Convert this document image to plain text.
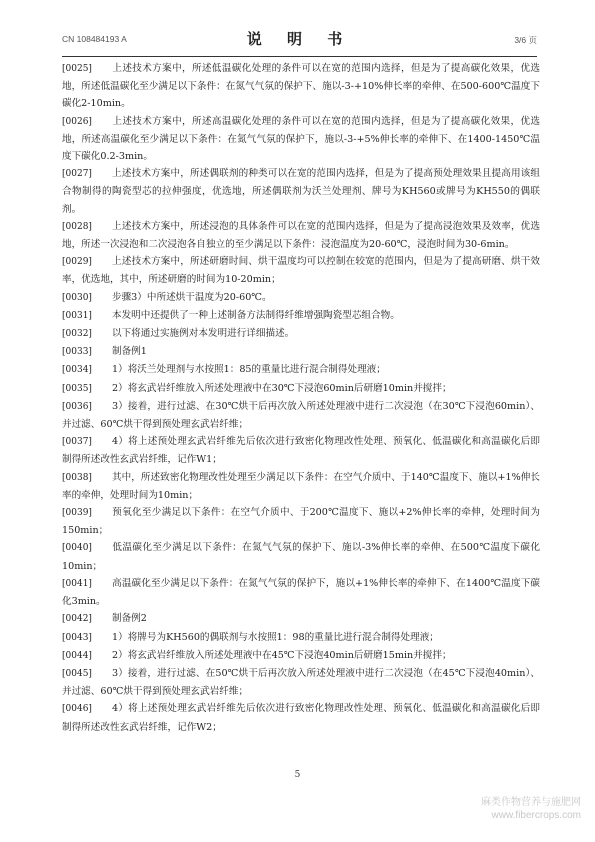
CN 108484193 A	说 明 书	3/6 页

[0025] 上述技术方案中，所述低温碳化处理的条件可以在宽的范围内选择，但是为了提高碳化效果，优选地，所述低温碳化至少满足以下条件：在氮气气氛的保护下、施以-3-+10%伸长率的牵伸、在500-600℃温度下碳化2-10min。

[0026] 上述技术方案中，所述高温碳化处理的条件可以在宽的范围内选择，但是为了提高碳化效果，优选地，所述高温碳化至少满足以下条件：在氮气气氛的保护下，施以-3-+5%伸长率的牵伸下、在1400-1450℃温度下碳化0.2-3min。

[0027] 上述技术方案中，所述偶联剂的种类可以在宽的范围内选择，但是为了提高预处理效果且提高用该组合物制得的陶瓷型芯的拉伸强度，优选地，所述偶联剂为沃兰处理剂、牌号为KH560或牌号为KH550的偶联剂。

[0028] 上述技术方案中，所述浸泡的具体条件可以在宽的范围内选择，但是为了提高浸泡效果及效率，优选地，所述一次浸泡和二次浸泡各自独立的至少满足以下条件：浸泡温度为20-60℃，浸泡时间为30-6min。

[0029] 上述技术方案中，所述研磨时间、烘干温度均可以控制在较宽的范围内，但是为了提高研磨、烘干效率，优选地，其中，所述研磨的时间为10-20min；

[0030] 步骤3）中所述烘干温度为20-60℃。

[0031] 本发明中还提供了一种上述制备方法制得纤维增强陶瓷型芯组合物。

[0032] 以下将通过实施例对本发明进行详细描述。

[0033] 制备例1

[0034] 1）将沃兰处理剂与水按照1：85的重量比进行混合制得处理液；

[0035] 2）将玄武岩纤维放入所述处理液中在30℃下浸泡60min后研磨10min并搅拌；

[0036] 3）接着，进行过滤、在30℃烘干后再次放入所述处理液中进行二次浸泡（在30℃下浸泡60min）、并过滤、60℃烘干得到预处理玄武岩纤维；

[0037] 4）将上述预处理玄武岩纤维先后依次进行致密化物理改性处理、预氧化、低温碳化和高温碳化后即制得所述改性玄武岩纤维，记作W1；

[0038] 其中，所述致密化物理改性处理至少满足以下条件：在空气介质中、于140℃温度下、施以+1%伸长率的牵伸，处理时间为10min；

[0039] 预氧化至少满足以下条件：在空气介质中、于200℃温度下、施以+2%伸长率的牵伸，处理时间为150min；

[0040] 低温碳化至少满足以下条件：在氮气气氛的保护下、施以-3%伸长率的牵伸、在500℃温度下碳化10min；

[0041] 高温碳化至少满足以下条件：在氮气气氛的保护下，施以+1%伸长率的牵伸下、在1400℃温度下碳化3min。

[0042] 制备例2

[0043] 1）将牌号为KH560的偶联剂与水按照1：98的重量比进行混合制得处理液；

[0044] 2）将玄武岩纤维放入所述处理液中在45℃下浸泡40min后研磨15min并搅拌；

[0045] 3）接着，进行过滤、在50℃烘干后再次放入所述处理液中进行二次浸泡（在45℃下浸泡40min）、并过滤、60℃烘干得到预处理玄武岩纤维；

[0046] 4）将上述预处理玄武岩纤维先后依次进行致密化物理改性处理、预氧化、低温碳化和高温碳化后即制得所述改性玄武岩纤维，记作W2；

5
麻类作物营养与施肥网
www.fibercrops.com
